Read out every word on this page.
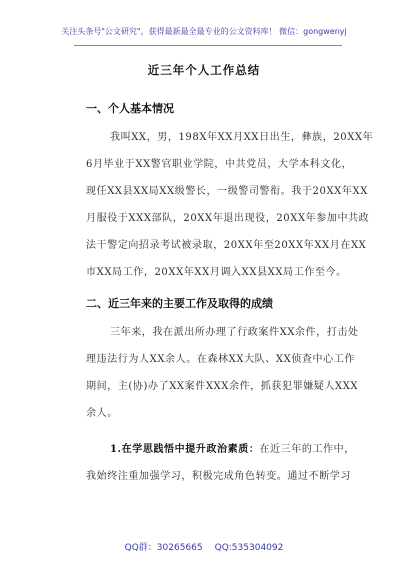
关注头条号"公文研究"，获得最新最全最专业的公文资料库！ 微信：gongwenyj
近三年个人工作总结
一、个人基本情况
我叫XX，男，198X年XX月XX日出生，彝族，20XX年
6月毕业于XX警官职业学院，中共党员，大学本科文化，
现任XX县XX局XX级警长，一级警司警衔。我于20XX年XX
月服役于XXX部队，20XX年退出现役，20XX年参加中共政
法干警定向招录考试被录取，20XX年至20XX年XX月在XX
市XX局工作，20XX年XX月调入XX县XX局工作至今。
二、近三年来的主要工作及取得的成绩
三年来，我在派出所办理了行政案件XX余件，打击处
理违法行为人XX余人。在森林XX大队、XX侦查中心工作
期间，主(协)办了XX案件XXX余件，抓获犯罪嫌疑人XXX
余人。
1.在学思践悟中提升政治素质：在近三年的工作中，
我始终注重加强学习，积极完成角色转变。通过不断学习
QQ群：30265665 QQ:535304092
